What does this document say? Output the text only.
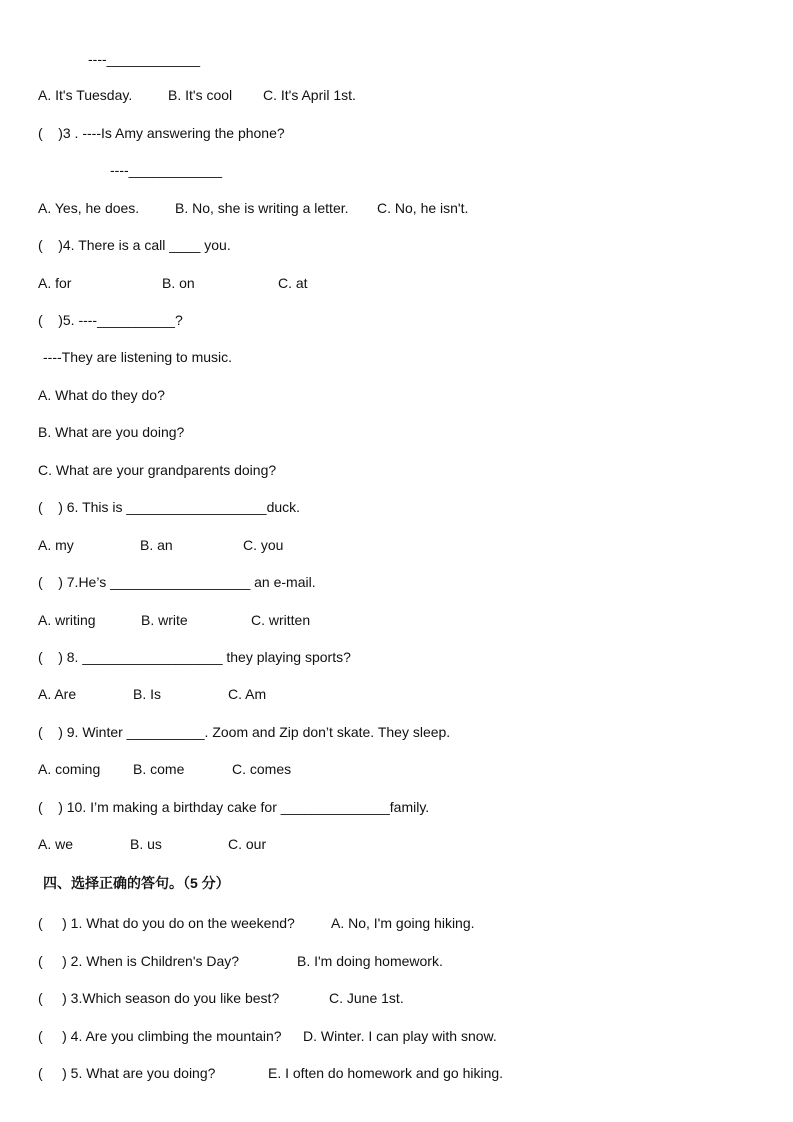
----____________
A. It's Tuesday.	B. It's cool C. It's April 1st.
(    )3 . ----Is Amy answering the phone?
----____________
A. Yes, he does.	B. No, she is writing a letter. C. No, he isn't.
(    )4. There is a call ____ you.
A. for	B. on	C. at
(    )5. ----__________?
----They are listening to music.
A. What do they do?
B. What are you doing?
C. What are your grandparents doing?
(    ) 6. This is __________________duck.
A. my	B. an	C. you
(    ) 7.He’s __________________ an e-mail.
A. writing	B. write	C. written
(    ) 8. __________________ they playing sports?
A. Are	B. Is	C. Am
(    ) 9. Winter __________. Zoom and Zip don’t skate. They sleep.
A. coming B. come	C. comes
(    ) 10. I’m making a birthday cake for ______________family.
A. we	B. us	C. our
四、选择正确的答句。（5 分）
(     ) 1. What do you do on the weekend?	A. No, I'm going hiking.
(     ) 2. When is Children's Day?	B. I'm doing homework.
(     ) 3.Which season do you like best?	C. June 1st.
(     ) 4. Are you climbing the mountain? D. Winter. I can play with snow.
(     ) 5. What are you doing?	E. I often do homework and go hiking.
